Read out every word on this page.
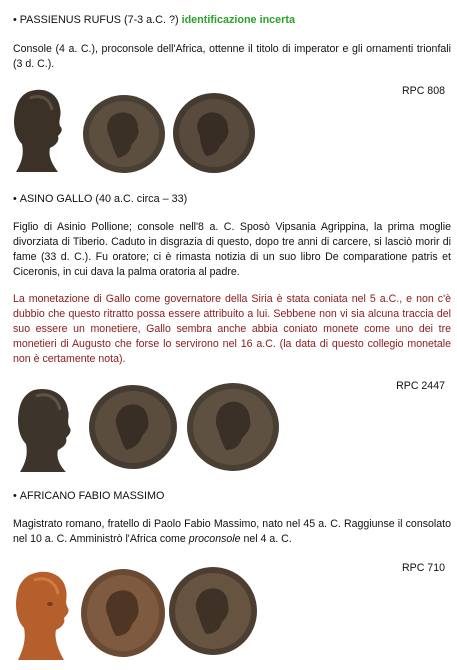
• PASSIENUS RUFUS (7-3 a.C. ?) identificazione incerta
Console (4 a. C.), proconsole dell'Africa, ottenne il titolo di imperator e gli ornamenti trionfali (3 d. C.).
RPC 808
• ASINO GALLO (40 a.C. circa – 33)
Figlio di Asinio Pollione; console nell'8 a. C. Sposò Vipsania Agrippina, la prima moglie divorziata di Tiberio. Caduto in disgrazia di questo, dopo tre anni di carcere, si lasciò morir di fame (33 d. C.). Fu oratore; ci è rimasta notizia di un suo libro De comparatione patris et Ciceronis, in cui dava la palma oratoria al padre.
La monetazione di Gallo come governatore della Siria è stata coniata nel 5 a.C., e non c'è dubbio che questo ritratto possa essere attribuito a lui. Sebbene non vi sia alcuna traccia del suo essere un monetiere, Gallo sembra anche abbia coniato monete come uno dei tre monetieri di Augusto che forse lo servirono nel 16 a.C. (la data di questo collegio monetale non è certamente nota).
RPC 2447
• AFRICANO FABIO MASSIMO
Magistrato romano, fratello di Paolo Fabio Massimo, nato nel 45 a. C. Raggiunse il consolato nel 10 a. C. Amministrò l'Africa come proconsole nel 4 a. C.
RPC 710
